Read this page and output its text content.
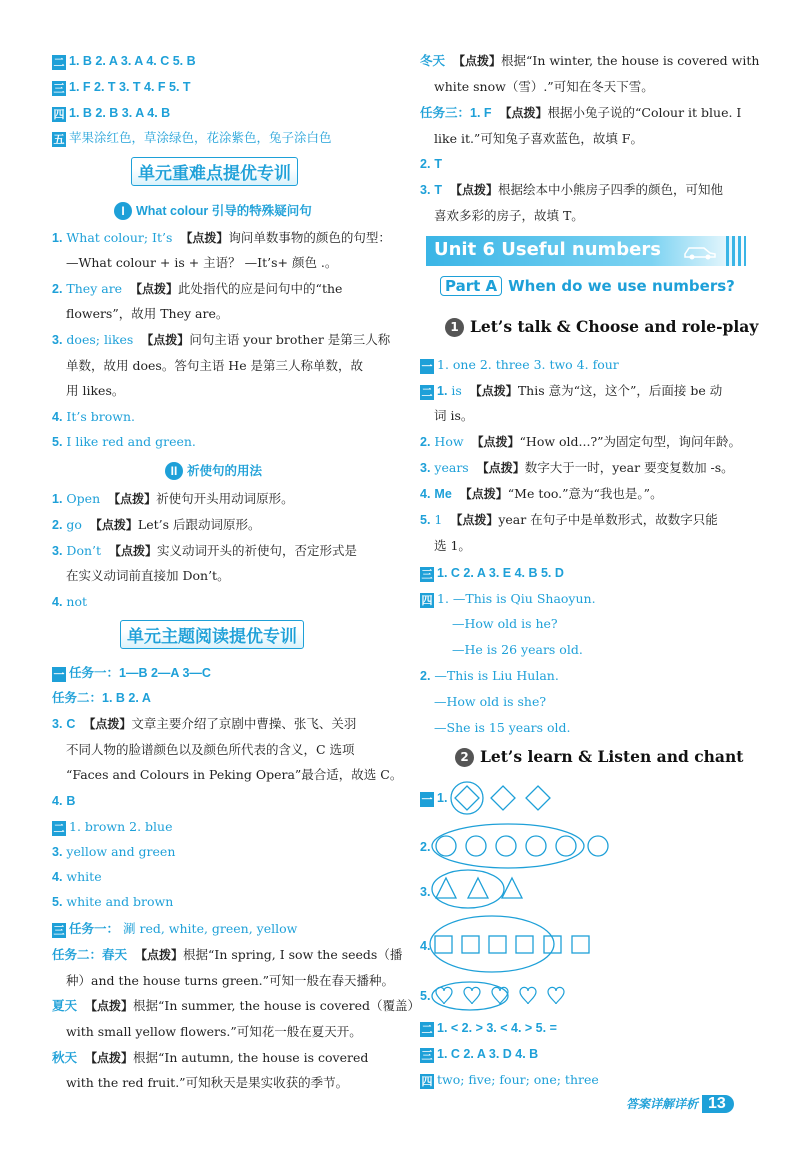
二 1. B 2. A 3. A 4. C 5. B
三 1. F 2. T 3. T 4. F 5. T
四 1. B 2. B 3. A 4. B
五 苹果涂红色，草涂绿色，花涂紫色，兔子涂白色
单元重难点提优专训
I What colour 引导的特殊疑问句
1. What colour; It’s 【点拨】询问单数事物的颜色的句型：
—What colour + is + 主语？ —It’s+ 颜色 .。
2. They are 【点拨】此处指代的应是问句中的“the
flowers”，故用 They are。
3. does; likes 【点拨】问句主语 your brother 是第三人称
单数，故用 does。答句主语 He 是第三人称单数，故
用 likes。
4. It’s brown.
5. I like red and green.
II 祈使句的用法
1. Open 【点拨】祈使句开头用动词原形。
2. go 【点拨】Let’s 后跟动词原形。
3. Don’t 【点拨】实义动词开头的祈使句，否定形式是
在实义动词前直接加 Don’t。
4. not
单元主题阅读提优专训
一 任务一：1—B 2—A 3—C
任务二：1. B 2. A
3. C 【点拨】文章主要介绍了京剧中曹操、张飞、关羽
不同人物的脸谱颜色以及颜色所代表的含义，C 选项
“Faces and Colours in Peking Opera”最合适，故选 C。
4. B
二 1. brown 2. blue
3. yellow and green
4. white
5. white and brown
三 任务一： 涮 red, white, green, yellow
任务二：春天 【点拨】根据“In spring, I sow the seeds（播
种）and the house turns green.”可知一般在春天播种。
夏天 【点拨】根据“In summer, the house is covered（覆盖）
with small yellow flowers.”可知花一般在夏天开。
秋天 【点拨】根据“In autumn, the house is covered
with the red fruit.”可知秋天是果实收获的季节。
冬天 【点拨】根据“In winter, the house is covered with
white snow（雪）.”可知在冬天下雪。
任务三：1. F 【点拨】根据小兔子说的“Colour it blue. I
like it.”可知兔子喜欢蓝色，故填 F。
2. T
3. T 【点拨】根据绘本中小熊房子四季的颜色，可知他
喜欢多彩的房子，故填 T。
Unit 6 Useful numbers
Part A When do we use numbers?
1 Let’s talk & Choose and role-play
一 1. one 2. three 3. two 4. four
二 1. is 【点拨】This 意为“这，这个”，后面接 be 动
词 is。
2. How 【点拨】“How old...?”为固定句型，询问年龄。
3. years 【点拨】数字大于一时，year 要变复数加 -s。
4. Me 【点拨】“Me too.”意为“我也是。”。
5. 1 【点拨】year 在句子中是单数形式，故数字只能
选 1。
三 1. C 2. A 3. E 4. B 5. D
四 1. —This is Qiu Shaoyun.
—How old is he?
—He is 26 years old.
2. —This is Liu Hulan.
—How old is she?
—She is 15 years old.
2 Let’s learn & Listen and chant
一 1.
2.
3.
4.
5.
二 1. < 2. > 3. < 4. > 5. =
三 1. C 2. A 3. D 4. B
四 two; five; four; one; three
答案详解详析 13
